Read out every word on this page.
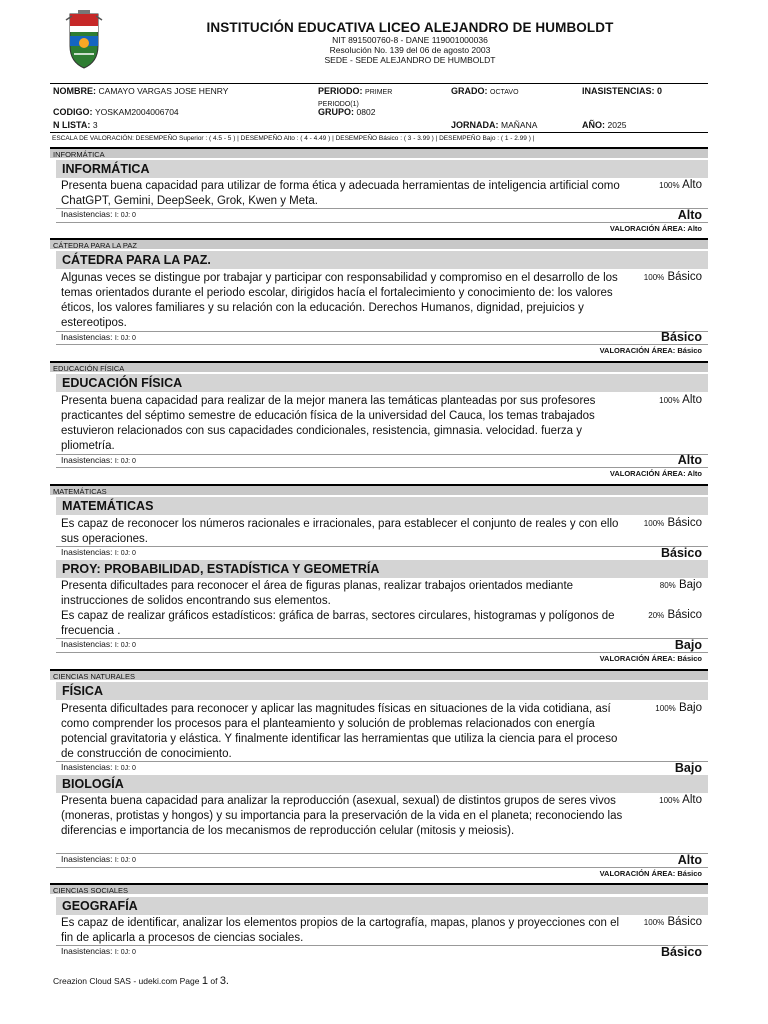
INSTITUCIÓN EDUCATIVA LICEO ALEJANDRO DE HUMBOLDT
NIT 891500760-8 - DANE 119001000036
Resolución No. 139 del 06 de agosto 2003
SEDE - SEDE ALEJANDRO DE HUMBOLDT
NOMBRE: CAMAYO VARGAS JOSE HENRY	PERIODO: PRIMER
PERIODO(1)
GRADO: OCTAVO	INASISTENCIAS: 0
CODIGO: YOSKAM2004006704	GRUPO: 0802
N LISTA: 3	JORNADA: MAÑANA	AÑO: 2025
ESCALA DE VALORACIÓN: DESEMPEÑO Superior : ( 4.5 - 5 ) | DESEMPEÑO Alto : ( 4 - 4.49 ) | DESEMPEÑO Básico : ( 3 - 3.99 ) | DESEMPEÑO Bajo : ( 1 - 2.99 ) |
INFORMÁTICA
INFORMÁTICA
Presenta buena capacidad para utilizar de forma ética y adecuada herramientas de inteligencia artificial como ChatGPT, Gemini, DeepSeek, Grok, Kwen y Meta.
100% Alto
Inasistencias: I: 0J: 0	Alto
VALORACIÓN ÁREA: Alto
CÁTEDRA PARA LA PAZ
CÁTEDRA PARA LA PAZ.
Algunas veces se distingue por trabajar y participar con responsabilidad y compromiso en el desarrollo de los temas orientados durante el periodo escolar, dirigidos hacía el fortalecimiento y conocimiento de: los valores éticos, los valores familiares y su relación con la educación. Derechos Humanos, dignidad, prejuicios y estereotipos.
100% Básico
Inasistencias: I: 0J: 0	Básico
VALORACIÓN ÁREA: Básico
EDUCACIÓN FÍSICA
EDUCACIÓN FÍSICA
Presenta buena capacidad para realizar de la mejor manera las temáticas planteadas por sus profesores practicantes del séptimo semestre de educación física de la universidad del Cauca, los temas trabajados estuvieron relacionados con sus capacidades condicionales, resistencia, gimnasia. velocidad. fuerza y pliometría.
100% Alto
Inasistencias: I: 0J: 0	Alto
VALORACIÓN ÁREA: Alto
MATEMÁTICAS
MATEMÁTICAS
Es capaz de reconocer los números racionales e irracionales, para establecer el conjunto de reales y con ello sus operaciones.
100% Básico
Inasistencias: I: 0J: 0	Básico
PROY: PROBABILIDAD, ESTADÍSTICA Y GEOMETRÍA
Presenta dificultades para reconocer el área de figuras planas, realizar trabajos orientados mediante instrucciones de solidos encontrando sus elementos.
80% Bajo
Es capaz de realizar gráficos estadísticos: gráfica de barras, sectores circulares, histogramas y polígonos de frecuencia .
20% Básico
Inasistencias: I: 0J: 0	Bajo
VALORACIÓN ÁREA: Básico
CIENCIAS NATURALES
FÍSICA
Presenta dificultades para reconocer y aplicar las magnitudes físicas en situaciones de la vida cotidiana, así como comprender los procesos para el planteamiento y solución de problemas relacionados con energía potencial gravitatoria y elástica. Y finalmente identificar las herramientas que utiliza la ciencia para el proceso de construcción de conocimiento.
100% Bajo
Inasistencias: I: 0J: 0	Bajo
BIOLOGÍA
Presenta buena capacidad para analizar la reproducción (asexual, sexual) de distintos grupos de seres vivos (moneras, protistas y hongos) y su importancia para la preservación de la vida en el planeta; reconociendo las diferencias e importancia de los mecanismos de reproducción celular (mitosis y meiosis).
100% Alto
Inasistencias: I: 0J: 0	Alto
VALORACIÓN ÁREA: Básico
CIENCIAS SOCIALES
GEOGRAFÍA
Es capaz de identificar, analizar los elementos propios de la cartografía, mapas, planos y proyecciones con el fin de aplicarla a procesos de ciencias sociales.
100% Básico
Inasistencias: I: 0J: 0	Básico
Creazion Cloud SAS - udeki.com Page 1 of 3.
